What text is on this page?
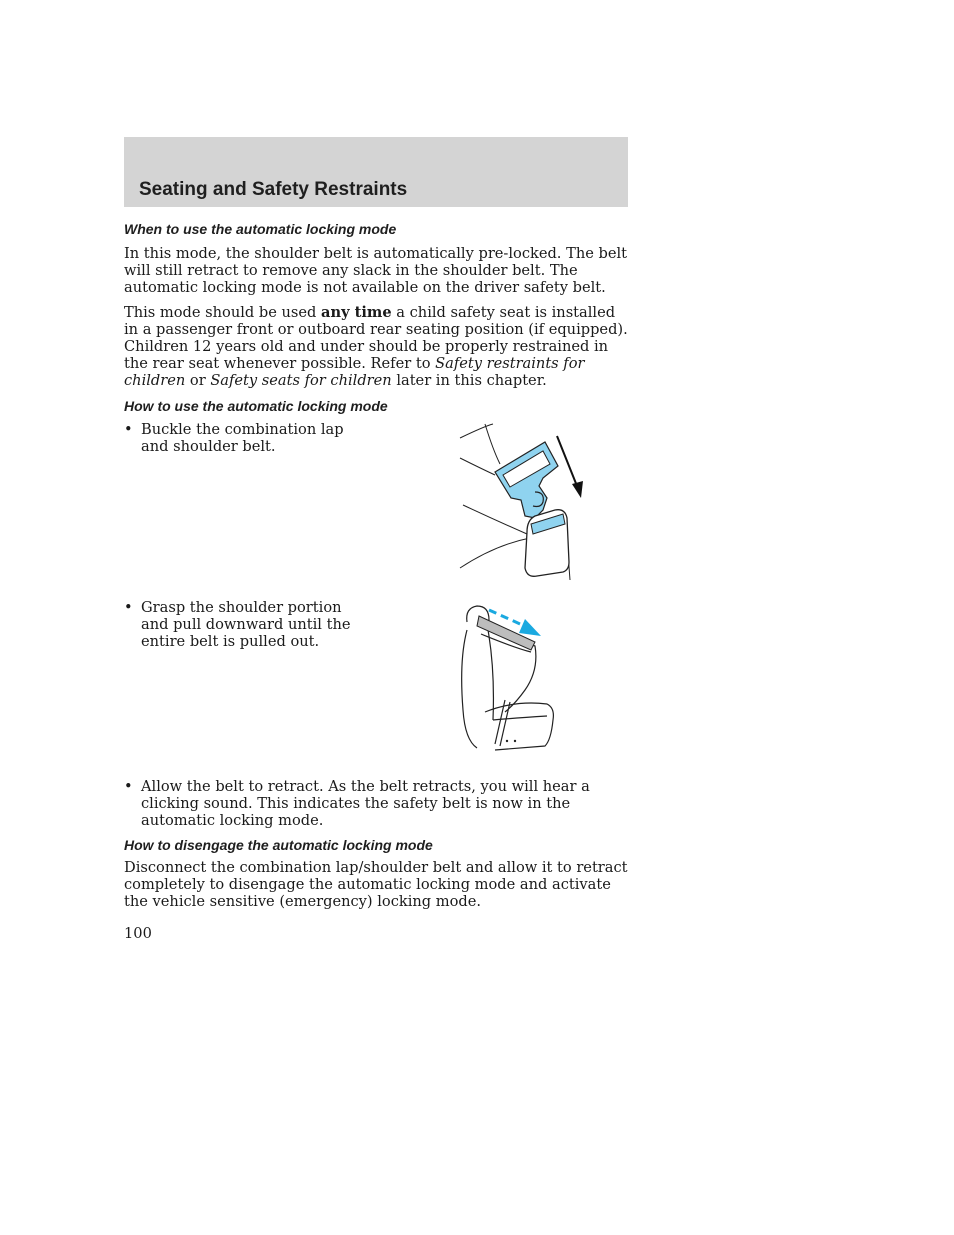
Seating and Safety Restraints
When to use the automatic locking mode

In this mode, the shoulder belt is automatically pre-locked. The belt will still retract to remove any slack in the shoulder belt. The automatic locking mode is not available on the driver safety belt.

This mode should be used any time a child safety seat is installed in a passenger front or outboard rear seating position (if equipped). Children 12 years old and under should be properly restrained in the rear seat whenever possible. Refer to Safety restraints for children or Safety seats for children later in this chapter.

How to use the automatic locking mode
• Buckle the combination lap and shoulder belt.
• Grasp the shoulder portion and pull downward until the entire belt is pulled out.
• Allow the belt to retract. As the belt retracts, you will hear a clicking sound. This indicates the safety belt is now in the automatic locking mode.
How to disengage the automatic locking mode

Disconnect the combination lap/shoulder belt and allow it to retract completely to disengage the automatic locking mode and activate the vehicle sensitive (emergency) locking mode.

100
